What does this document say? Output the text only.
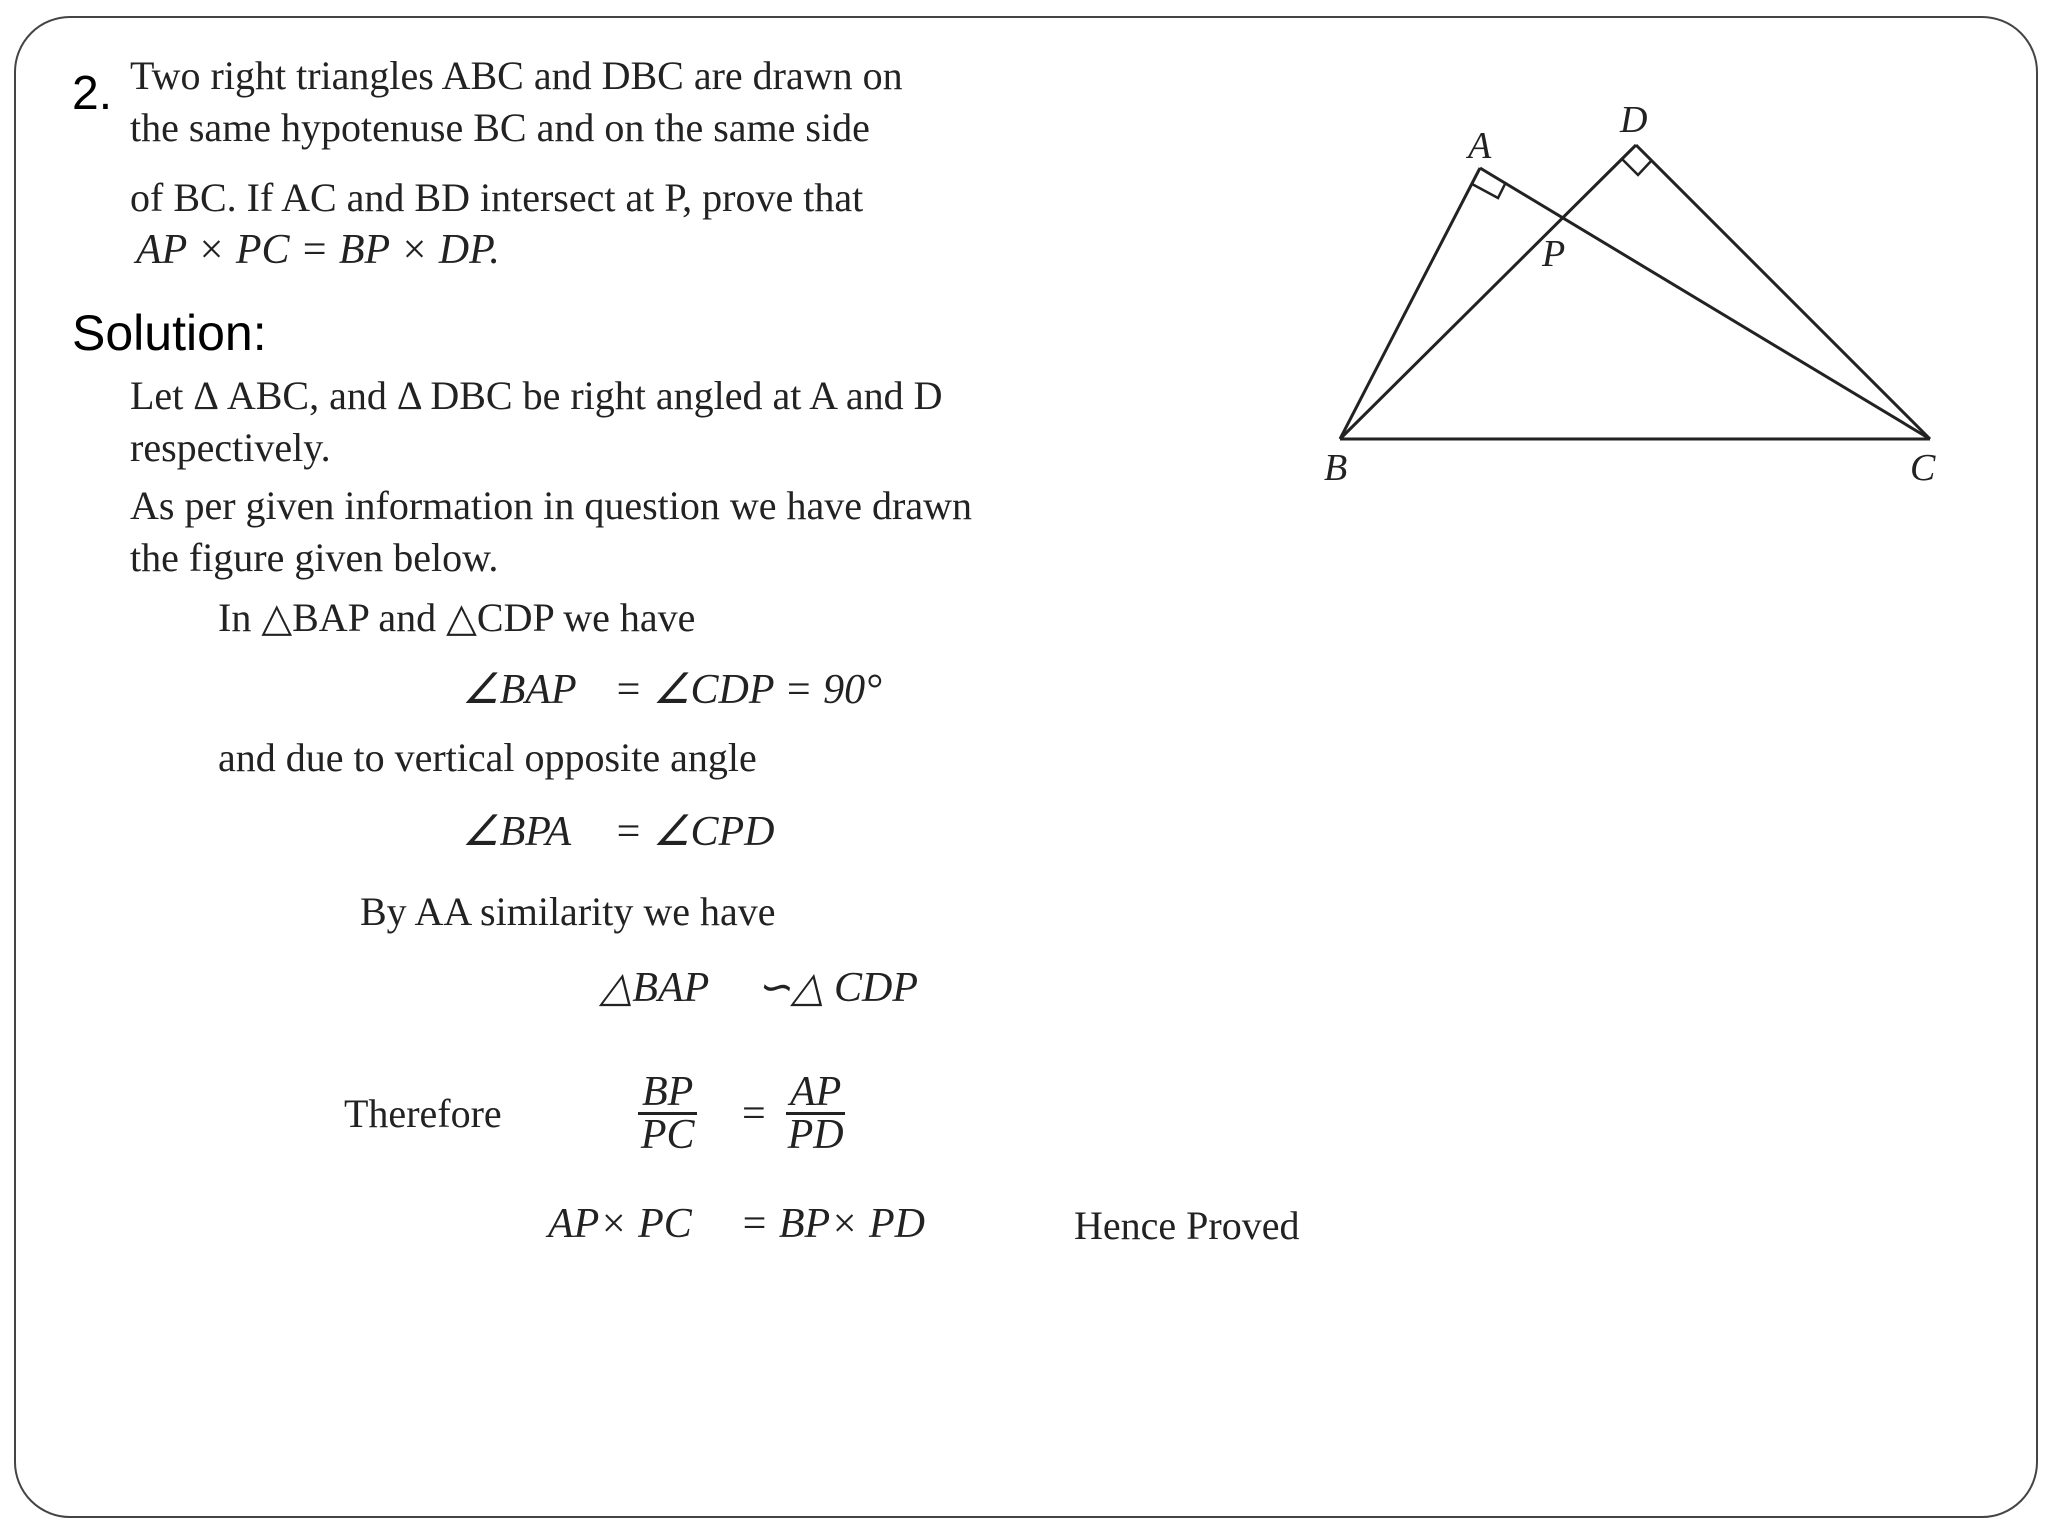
2. Two right triangles ABC and DBC are drawn on
the same hypotenuse BC and on the same side
of BC. If AC and BD intersect at P, prove that
AP × PC = BP × DP.
Solution:
Let Δ ABC, and Δ DBC be right angled at A and D
respectively.
As per given information in question we have drawn
the figure given below.
In △BAP and △CDP we have
∠BAP = ∠CDP = 90°
and due to vertical opposite angle
∠BPA = ∠CPD
By AA similarity we have
△BAP ∽△ CDP
Therefore	$\frac{BP}{PC} = \frac{AP}{PD}$
AP× PC = BP× PD	Hence Proved
A
D
B	C
P
